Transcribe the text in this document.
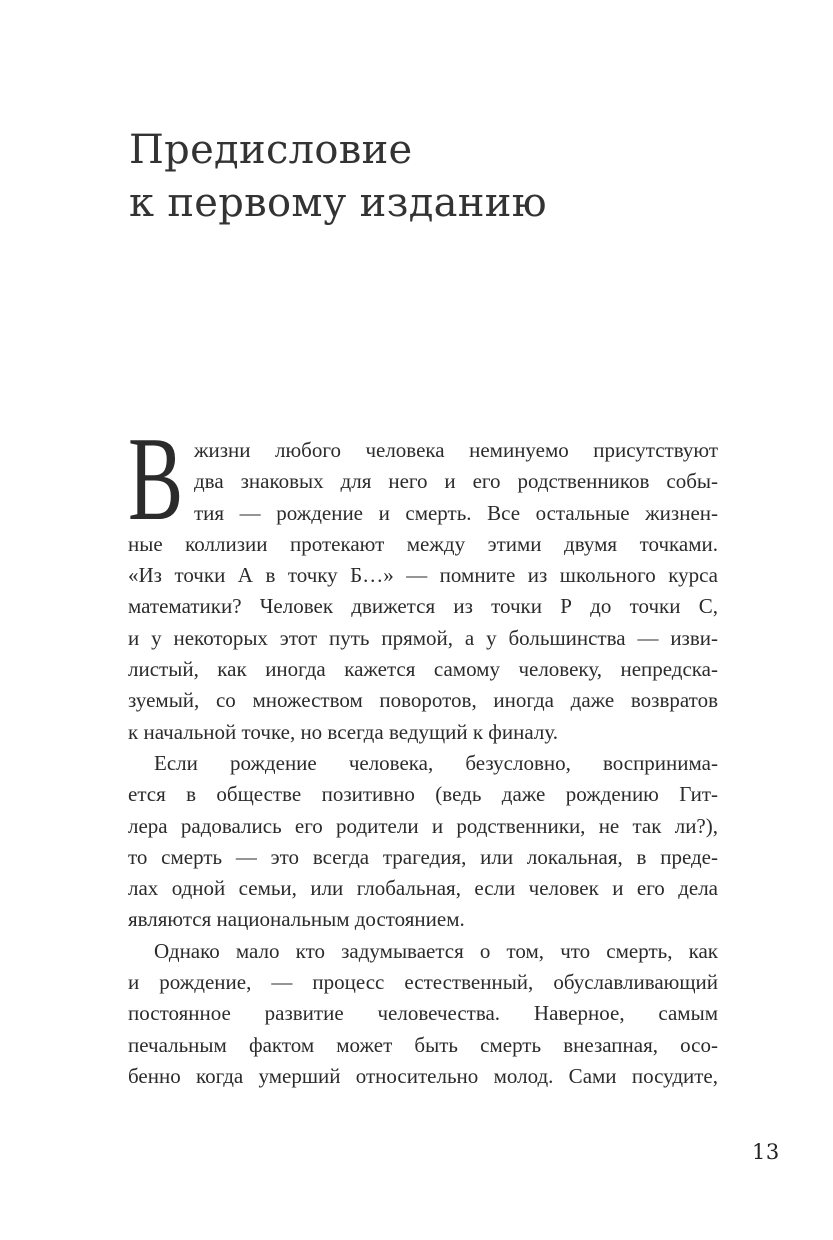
Предисловие
к первому изданию
В жизни любого человека неминуемо присутствуют
два знаковых для него и его родственников собы-
тия — рождение и смерть. Все остальные жизнен-
ные коллизии протекают между этими двумя точками.
«Из точки А в точку Б…» — помните из школьного курса
математики? Человек движется из точки Р до точки С,
и у некоторых этот путь прямой, а у большинства — изви-
листый, как иногда кажется самому человеку, непредска-
зуемый, со множеством поворотов, иногда даже возвратов
к начальной точке, но всегда ведущий к финалу.
Если рождение человека, безусловно, воспринима-
ется в обществе позитивно (ведь даже рождению Гит-
лера радовались его родители и родственники, не так ли?),
то смерть — это всегда трагедия, или локальная, в преде-
лах одной семьи, или глобальная, если человек и его дела
являются национальным достоянием.
Однако мало кто задумывается о том, что смерть, как
и рождение, — процесс естественный, обуславливающий
постоянное развитие человечества. Наверное, самым
печальным фактом может быть смерть внезапная, осо-
бенно когда умерший относительно молод. Сами посудите,
13
